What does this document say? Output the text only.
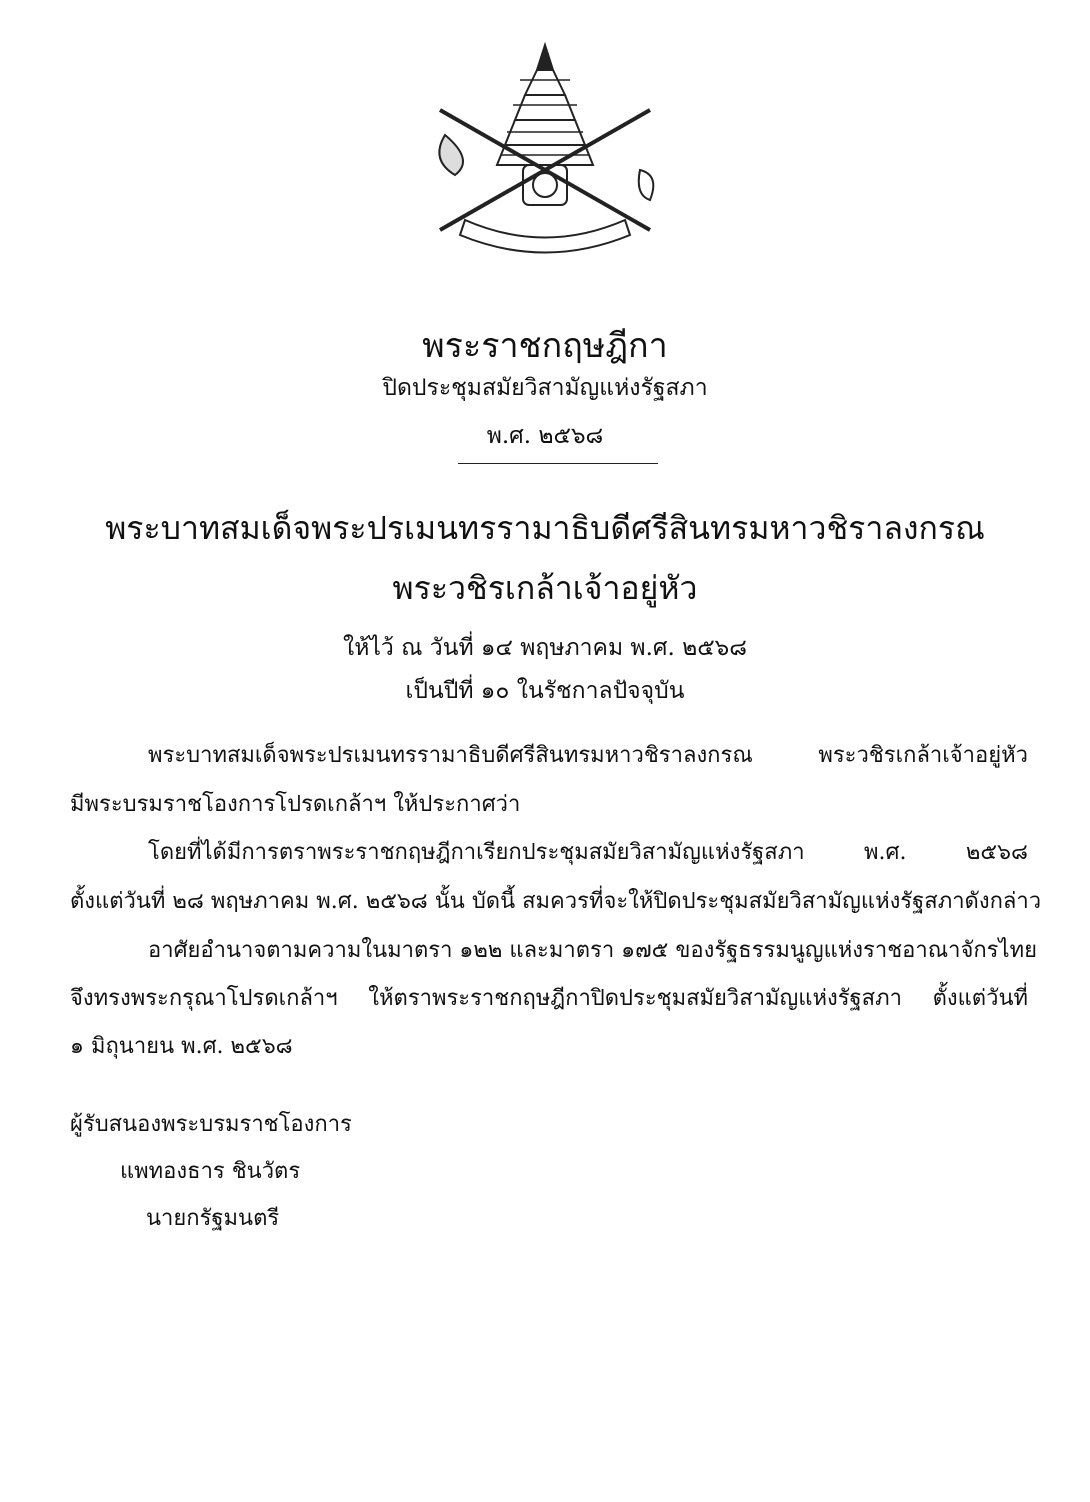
พระราชกฤษฎีกา
ปิดประชุมสมัยวิสามัญแห่งรัฐสภา
พ.ศ. ๒๕๖๘
พระบาทสมเด็จพระปรเมนทรรามาธิบดีศรีสินทรมหาวชิราลงกรณ
พระวชิรเกล้าเจ้าอยู่หัว
ให้ไว้ ณ วันที่ ๑๔ พฤษภาคม พ.ศ. ๒๕๖๘
เป็นปีที่ ๑๐ ในรัชกาลปัจจุบัน
พระบาทสมเด็จพระปรเมนทรรามาธิบดีศรีสินทรมหาวชิราลงกรณ พระวชิรเกล้าเจ้าอยู่หัว
มีพระบรมราชโองการโปรดเกล้าฯ ให้ประกาศว่า
โดยที่ได้มีการตราพระราชกฤษฎีกาเรียกประชุมสมัยวิสามัญแห่งรัฐสภา พ.ศ. ๒๕๖๘
ตั้งแต่วันที่ ๒๘ พฤษภาคม พ.ศ. ๒๕๖๘ นั้น บัดนี้ สมควรที่จะให้ปิดประชุมสมัยวิสามัญแห่งรัฐสภาดังกล่าว
อาศัยอำนาจตามความในมาตรา ๑๒๒ และมาตรา ๑๗๕ ของรัฐธรรมนูญแห่งราชอาณาจักรไทย
จึงทรงพระกรุณาโปรดเกล้าฯ ให้ตราพระราชกฤษฎีกาปิดประชุมสมัยวิสามัญแห่งรัฐสภา ตั้งแต่วันที่
๑ มิถุนายน พ.ศ. ๒๕๖๘
ผู้รับสนองพระบรมราชโองการ
แพทองธาร ชินวัตร
นายกรัฐมนตรี
